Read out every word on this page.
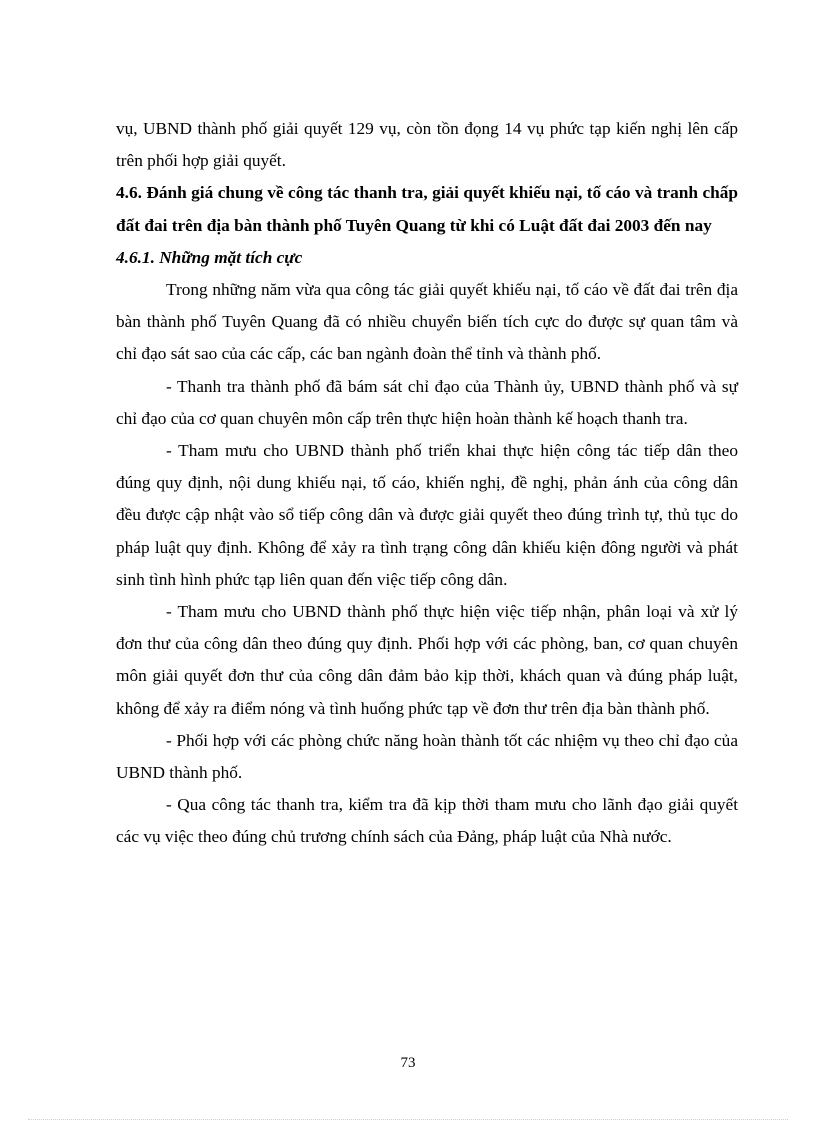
vụ, UBND thành phố giải quyết 129 vụ, còn tồn đọng 14 vụ phức tạp kiến nghị lên cấp trên phối hợp giải quyết.

4.6. Đánh giá chung về công tác thanh tra, giải quyết khiếu nại, tố cáo và tranh chấp đất đai trên địa bàn thành phố Tuyên Quang từ khi có Luật đất đai 2003 đến nay

4.6.1. Những mặt tích cực

Trong những năm vừa qua công tác giải quyết khiếu nại, tố cáo về đất đai trên địa bàn thành phố Tuyên Quang đã có nhiều chuyển biến tích cực do được sự quan tâm và chỉ đạo sát sao của các cấp, các ban ngành đoàn thể tỉnh và thành phố.

- Thanh tra thành phố đã bám sát chỉ đạo của Thành ủy, UBND thành phố và sự chỉ đạo của cơ quan chuyên môn cấp trên thực hiện hoàn thành kế hoạch thanh tra.

- Tham mưu cho UBND thành phố triển khai thực hiện công tác tiếp dân theo đúng quy định, nội dung khiếu nại, tố cáo, khiến nghị, đề nghị, phản ánh của công dân đều được cập nhật vào sổ tiếp công dân và được giải quyết theo đúng trình tự, thủ tục do pháp luật quy định. Không để xảy ra tình trạng công dân khiếu kiện đông người và phát sinh tình hình phức tạp liên quan đến việc tiếp công dân.

- Tham mưu cho UBND thành phố thực hiện việc tiếp nhận, phân loại và xử lý đơn thư của công dân theo đúng quy định. Phối hợp với các phòng, ban, cơ quan chuyên môn giải quyết đơn thư của công dân đảm bảo kịp thời, khách quan và đúng pháp luật, không để xảy ra điểm nóng và tình huống phức tạp về đơn thư trên địa bàn thành phố.

- Phối hợp với các phòng chức năng hoàn thành tốt các nhiệm vụ theo chỉ đạo của UBND thành phố.

- Qua công tác thanh tra, kiểm tra đã kịp thời tham mưu cho lãnh đạo giải quyết các vụ việc theo đúng chủ trương chính sách của Đảng, pháp luật của Nhà nước.

73
